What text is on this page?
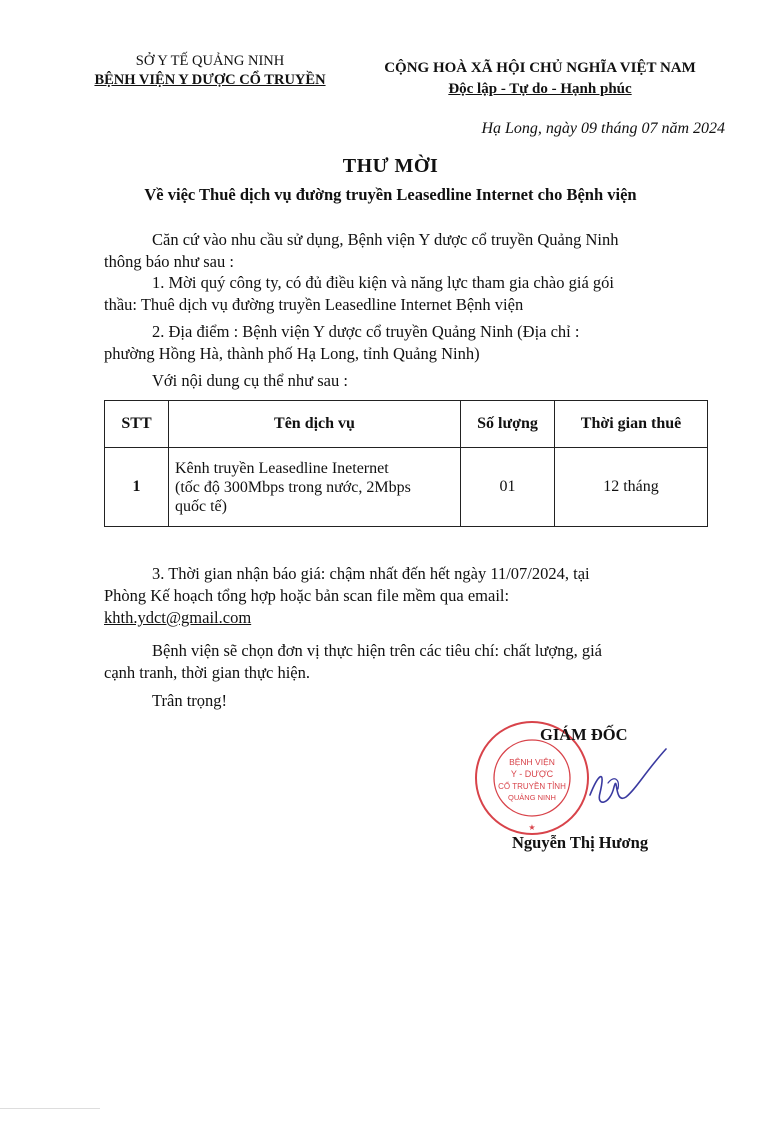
SỞ Y TẾ QUẢNG NINH
BỆNH VIỆN Y DƯỢC CỔ TRUYỀN
CỘNG HOÀ XÃ HỘI CHỦ NGHĨA VIỆT NAM
Độc lập - Tự do - Hạnh phúc
Hạ Long, ngày 09 tháng 07 năm 2024
THƯ MỜI
Về việc Thuê dịch vụ đường truyền Leasedline Internet cho Bệnh viện
Căn cứ vào nhu cầu sử dụng, Bệnh viện Y dược cổ truyền Quảng Ninh
thông báo như sau :
1. Mời quý công ty, có đủ điều kiện và năng lực tham gia chào giá gói
thầu: Thuê dịch vụ đường truyền Leasedline Internet Bệnh viện
2. Địa điểm : Bệnh viện Y dược cổ truyền Quảng Ninh (Địa chỉ :
phường Hồng Hà, thành phố Hạ Long, tỉnh Quảng Ninh)
Với nội dung cụ thể như sau :
STT	Tên dịch vụ	Số lượng	Thời gian thuê
1	Kênh truyền Leasedline Ineternet
(tốc độ 300Mbps trong nước, 2Mbps
quốc tế)	01	12 tháng
3. Thời gian nhận báo giá: chậm nhất đến hết ngày 11/07/2024, tại
Phòng Kế hoạch tổng hợp hoặc bản scan file mềm qua email:
khth.ydct@gmail.com
Bệnh viện sẽ chọn đơn vị thực hiện trên các tiêu chí: chất lượng, giá
cạnh tranh, thời gian thực hiện.
Trân trọng!
BỆNH VIỆN
Y - DƯỢC
CỔ TRUYỀN TỈNH
QUẢNG NINH
★
GIÁM ĐỐC
Nguyễn Thị Hương
